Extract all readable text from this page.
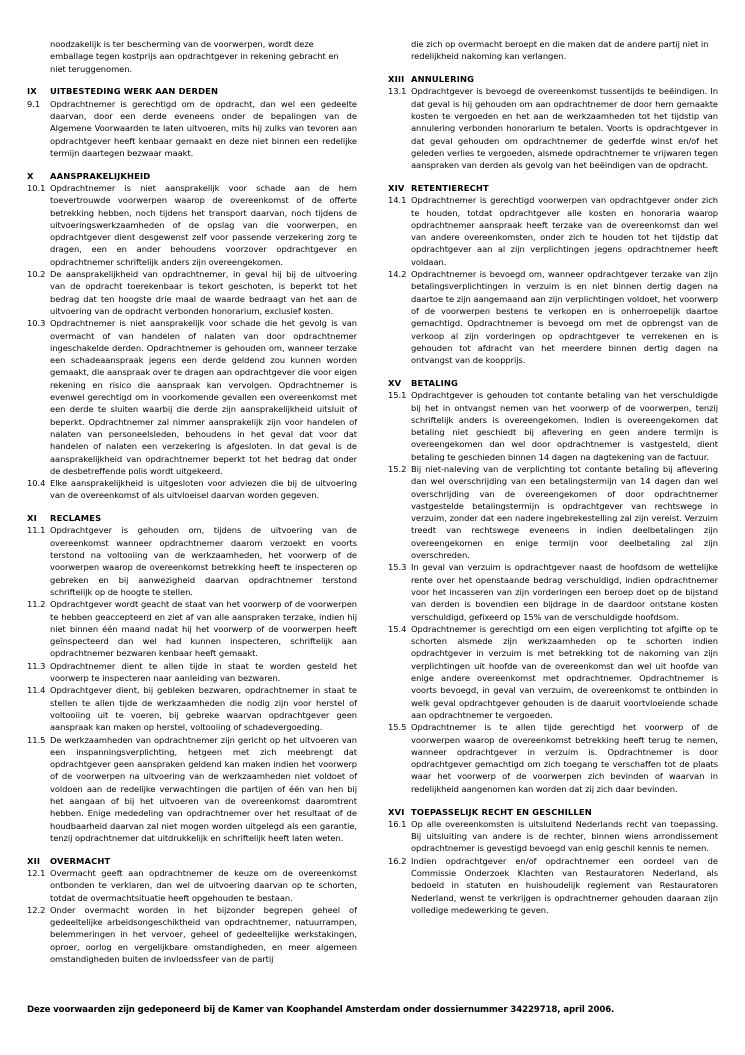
noodzakelijk is ter bescherming van de voorwerpen, wordt deze emballage tegen kostprijs aan opdrachtgever in rekening gebracht en niet teruggenomen.
IX	UITBESTEDING WERK AAN DERDEN
9.1	Opdrachtnemer is gerechtigd om de opdracht, dan wel een gedeelte daarvan, door een derde eveneens onder de bepalingen van de Algemene Voorwaarden te laten uitvoeren, mits hij zulks van tevoren aan opdrachtgever heeft kenbaar gemaakt en deze niet binnen een redelijke termijn daartegen bezwaar maakt.
X	AANSPRAKELIJKHEID
10.1 Opdrachtnemer is niet aansprakelijk voor schade aan de hem toevertrouwde voorwerpen waarop de overeenkomst of de offerte betrekking hebben, noch tijdens het transport daarvan, noch tijdens de uitvoeringswerkzaamheden of de opslag van die voorwerpen, en opdrachtgever dient desgewenst zelf voor passende verzekering zorg te dragen, een en ander behoudens voorzover opdrachtgever en opdrachtnemer schriftelijk anders zijn overeengekomen.
10.2 De aansprakelijkheid van opdrachtnemer, in geval hij bij de uitvoering van de opdracht toerekenbaar is tekort geschoten, is beperkt tot het bedrag dat ten hoogste drie maal de waarde bedraagt van het aan de uitvoering van de opdracht verbonden honorarium, exclusief kosten.
10.3 Opdrachtnemer is niet aansprakelijk voor schade die het gevolg is van overmacht of van handelen of nalaten van door opdrachtnemer ingeschakelde derden. Opdrachtnemer is gehouden om, wanneer terzake een schadeaanspraak jegens een derde geldend zou kunnen worden gemaakt, die aanspraak over te dragen aan opdrachtgever die voor eigen rekening en risico die aanspraak kan vervolgen. Opdrachtnemer is evenwel gerechtigd om in voorkomende gevallen een overeenkomst met een derde te sluiten waarbij die derde zijn aansprakelijkheid uitsluit of beperkt. Opdrachtnemer zal nimmer aansprakelijk zijn voor handelen of nalaten van personeelsleden, behoudens in het geval dat voor dat handelen of nalaten een verzekering is afgesloten. In dat geval is de aansprakelijkheid van opdrachtnemer beperkt tot het bedrag dat onder de desbetreffende polis wordt uitgekeerd.
10.4 Elke aansprakelijkheid is uitgesloten voor adviezen die bij de uitvoering van de overeenkomst of als uitvloeisel daarvan worden gegeven.
XI	RECLAMES
11.1 Opdrachtgever is gehouden om, tijdens de uitvoering van de overeenkomst wanneer opdrachtnemer daarom verzoekt en voorts terstond na voltooiing van de werkzaamheden, het voorwerp of de voorwerpen waarop de overeenkomst betrekking heeft te inspecteren op gebreken en bij aanwezigheid daarvan opdrachtnemer terstond schriftelijk op de hoogte te stellen.
11.2 Opdrachtgever wordt geacht de staat van het voorwerp of de voorwerpen te hebben geaccepteerd en ziet af van alle aanspraken terzake, indien hij niet binnen één maand nadat hij het voorwerp of de voorwerpen heeft geïnspecteerd dan wel had kunnen inspecteren, schriftelijk aan opdrachtnemer bezwaren kenbaar heeft gemaakt.
11.3 Opdrachtnemer dient te allen tijde in staat te worden gesteld het voorwerp te inspecteren naar aanleiding van bezwaren.
11.4 Opdrachtgever dient, bij gebleken bezwaren, opdrachtnemer in staat te stellen te allen tijde de werkzaamheden die nodig zijn voor herstel of voltooiing uit te voeren, bij gebreke waarvan opdrachtgever geen aanspraak kan maken op herstel, voltooiing of schadevergoeding.
11.5 De werkzaamheden van opdrachtnemer zijn gericht op het uitvoeren van een inspanningsverplichting, hetgeen met zich meebrengt dat opdrachtgever geen aanspraken geldend kan maken indien het voorwerp of de voorwerpen na uitvoering van de werkzaamheden niet voldoet of voldoen aan de redelijke verwachtingen die partijen of één van hen bij het aangaan of bij het uitvoeren van de overeenkomst daaromtrent hebben. Enige mededeling van opdrachtnemer over het resultaat of de houdbaarheid daarvan zal niet mogen worden uitgelegd als een garantie, tenzij opdrachtnemer dat uitdrukkelijk en schriftelijk heeft laten weten.
XII	OVERMACHT
12.1 Overmacht geeft aan opdrachtnemer de keuze om de overeenkomst ontbonden te verklaren, dan wel de uitvoering daarvan op te schorten, totdat de overmachtsituatie heeft opgehouden te bestaan.
12.2 Onder overmacht worden in het bijzonder begrepen geheel of gedeeltelijke arbeidsongeschiktheid van opdrachtnemer, natuurrampen, belemmeringen in het vervoer, geheel of gedeeltelijke werkstakingen, oproer, oorlog en vergelijkbare omstandigheden, en meer algemeen omstandigheden buiten de invloedssfeer van de partij
die zich op overmacht beroept en die maken dat de andere partij niet in redelijkheid nakoming kan verlangen.
XIII ANNULERING
13.1 Opdrachtgever is bevoegd de overeenkomst tussentijds te beëindigen. In dat geval is hij gehouden om aan opdrachtnemer de door hem gemaakte kosten te vergoeden en het aan de werkzaamheden tot het tijdstip van annulering verbonden honorarium te betalen. Voorts is opdrachtgever in dat geval gehouden om opdrachtnemer de gederfde winst en/of het geleden verlies te vergoeden, alsmede opdrachtnemer te vrijwaren tegen aanspraken van derden als gevolg van het beëindigen van de opdracht.
XIV RETENTIERECHT
14.1 Opdrachtnemer is gerechtigd voorwerpen van opdrachtgever onder zich te houden, totdat opdrachtgever alle kosten en honoraria waarop opdrachtnemer aanspraak heeft terzake van de overeenkomst dan wel van andere overeenkomsten, onder zich te houden tot het tijdstip dat opdrachtgever aan al zijn verplichtingen jegens opdrachtnemer heeft voldaan.
14.2 Opdrachtnemer is bevoegd om, wanneer opdrachtgever terzake van zijn betalingsverplichtingen in verzuim is en niet binnen dertig dagen na daartoe te zijn aangemaand aan zijn verplichtingen voldoet, het voorwerp of de voorwerpen bestens te verkopen en is onherroepelijk daartoe gemachtigd. Opdrachtnemer is bevoegd om met de opbrengst van de verkoop al zijn vorderingen op opdrachtgever te verrekenen en is gehouden tot afdracht van het meerdere binnen dertig dagen na ontvangst van de koopprijs.
XV	BETALING
15.1 Opdrachtgever is gehouden tot contante betaling van het verschuldigde bij het in ontvangst nemen van het voorwerp of de voorwerpen, tenzij schriftelijk anders is overeengekomen. Indien is overeengekomen dat betaling niet geschiedt bij aflevering en geen andere termijn is overeengekomen dan wel door opdrachtnemer is vastgesteld, dient betaling te geschieden binnen 14 dagen na dagtekening van de factuur.
15.2 Bij niet-naleving van de verplichting tot contante betaling bij aflevering dan wel overschrijding van een betalingstermijn van 14 dagen dan wel overschrijding van de overeengekomen of door opdrachtnemer vastgestelde betalingstermijn is opdrachtgever van rechtswege in verzuim, zonder dat een nadere ingebrekestelling zal zijn vereist. Verzuim treedt van rechtswege eveneens in indien deelbetalingen zijn overeengekomen en enige termijn voor deelbetaling zal zijn overschreden.
15.3 In geval van verzuim is opdrachtgever naast de hoofdsom de wettelijke rente over het openstaande bedrag verschuldigd, indien opdrachtnemer voor het incasseren van zijn vorderingen een beroep doet op de bijstand van derden is bovendien een bijdrage in de daardoor ontstane kosten verschuldigd, gefixeerd op 15% van de verschuldigde hoofdsom.
15.4 Opdrachtnemer is gerechtigd om een eigen verplichting tot afgifte op te schorten alsmede zijn werkzaamheden op te schorten indien opdrachtgever in verzuim is met betrekking tot de nakoming van zijn verplichtingen uit hoofde van de overeenkomst dan wel uit hoofde van enige andere overeenkomst met opdrachtnemer. Opdrachtnemer is voorts bevoegd, in geval van verzuim, de overeenkomst te ontbinden in welk geval opdrachtgever gehouden is de daaruit voortvloeiende schade aan opdrachtnemer te vergoeden.
15.5 Opdrachtnemer is te allen tijde gerechtigd het voorwerp of de voorwerpen waarop de overeenkomst betrekking heeft terug te nemen, wanneer opdrachtgever in verzuim is. Opdrachtnemer is door opdrachtgever gemachtigd om zich toegang te verschaffen tot de plaats waar het voorwerp of de voorwerpen zich bevinden of waarvan in redelijkheid aangenomen kan worden dat zij zich daar bevinden.
XVI TOEPASSELIJK RECHT EN GESCHILLEN
16.1 Op alle overeenkomsten is uitsluitend Nederlands recht van toepassing. Bij uitsluiting van andere is de rechter, binnen wiens arrondissement opdrachtnemer is gevestigd bevoegd van enig geschil kennis te nemen.
16.2 Indien opdrachtgever en/of opdrachtnemer een oordeel van de Commissie Onderzoek Klachten van Restauratoren Nederland, als bedoeld in statuten en huishoudelijk reglement van Restauratoren Nederland, wenst te verkrijgen is opdrachtnemer gehouden daaraan zijn volledige medewerking te geven.
Deze voorwaarden zijn gedeponeerd bij de Kamer van Koophandel Amsterdam onder dossiernummer 34229718, april 2006.
